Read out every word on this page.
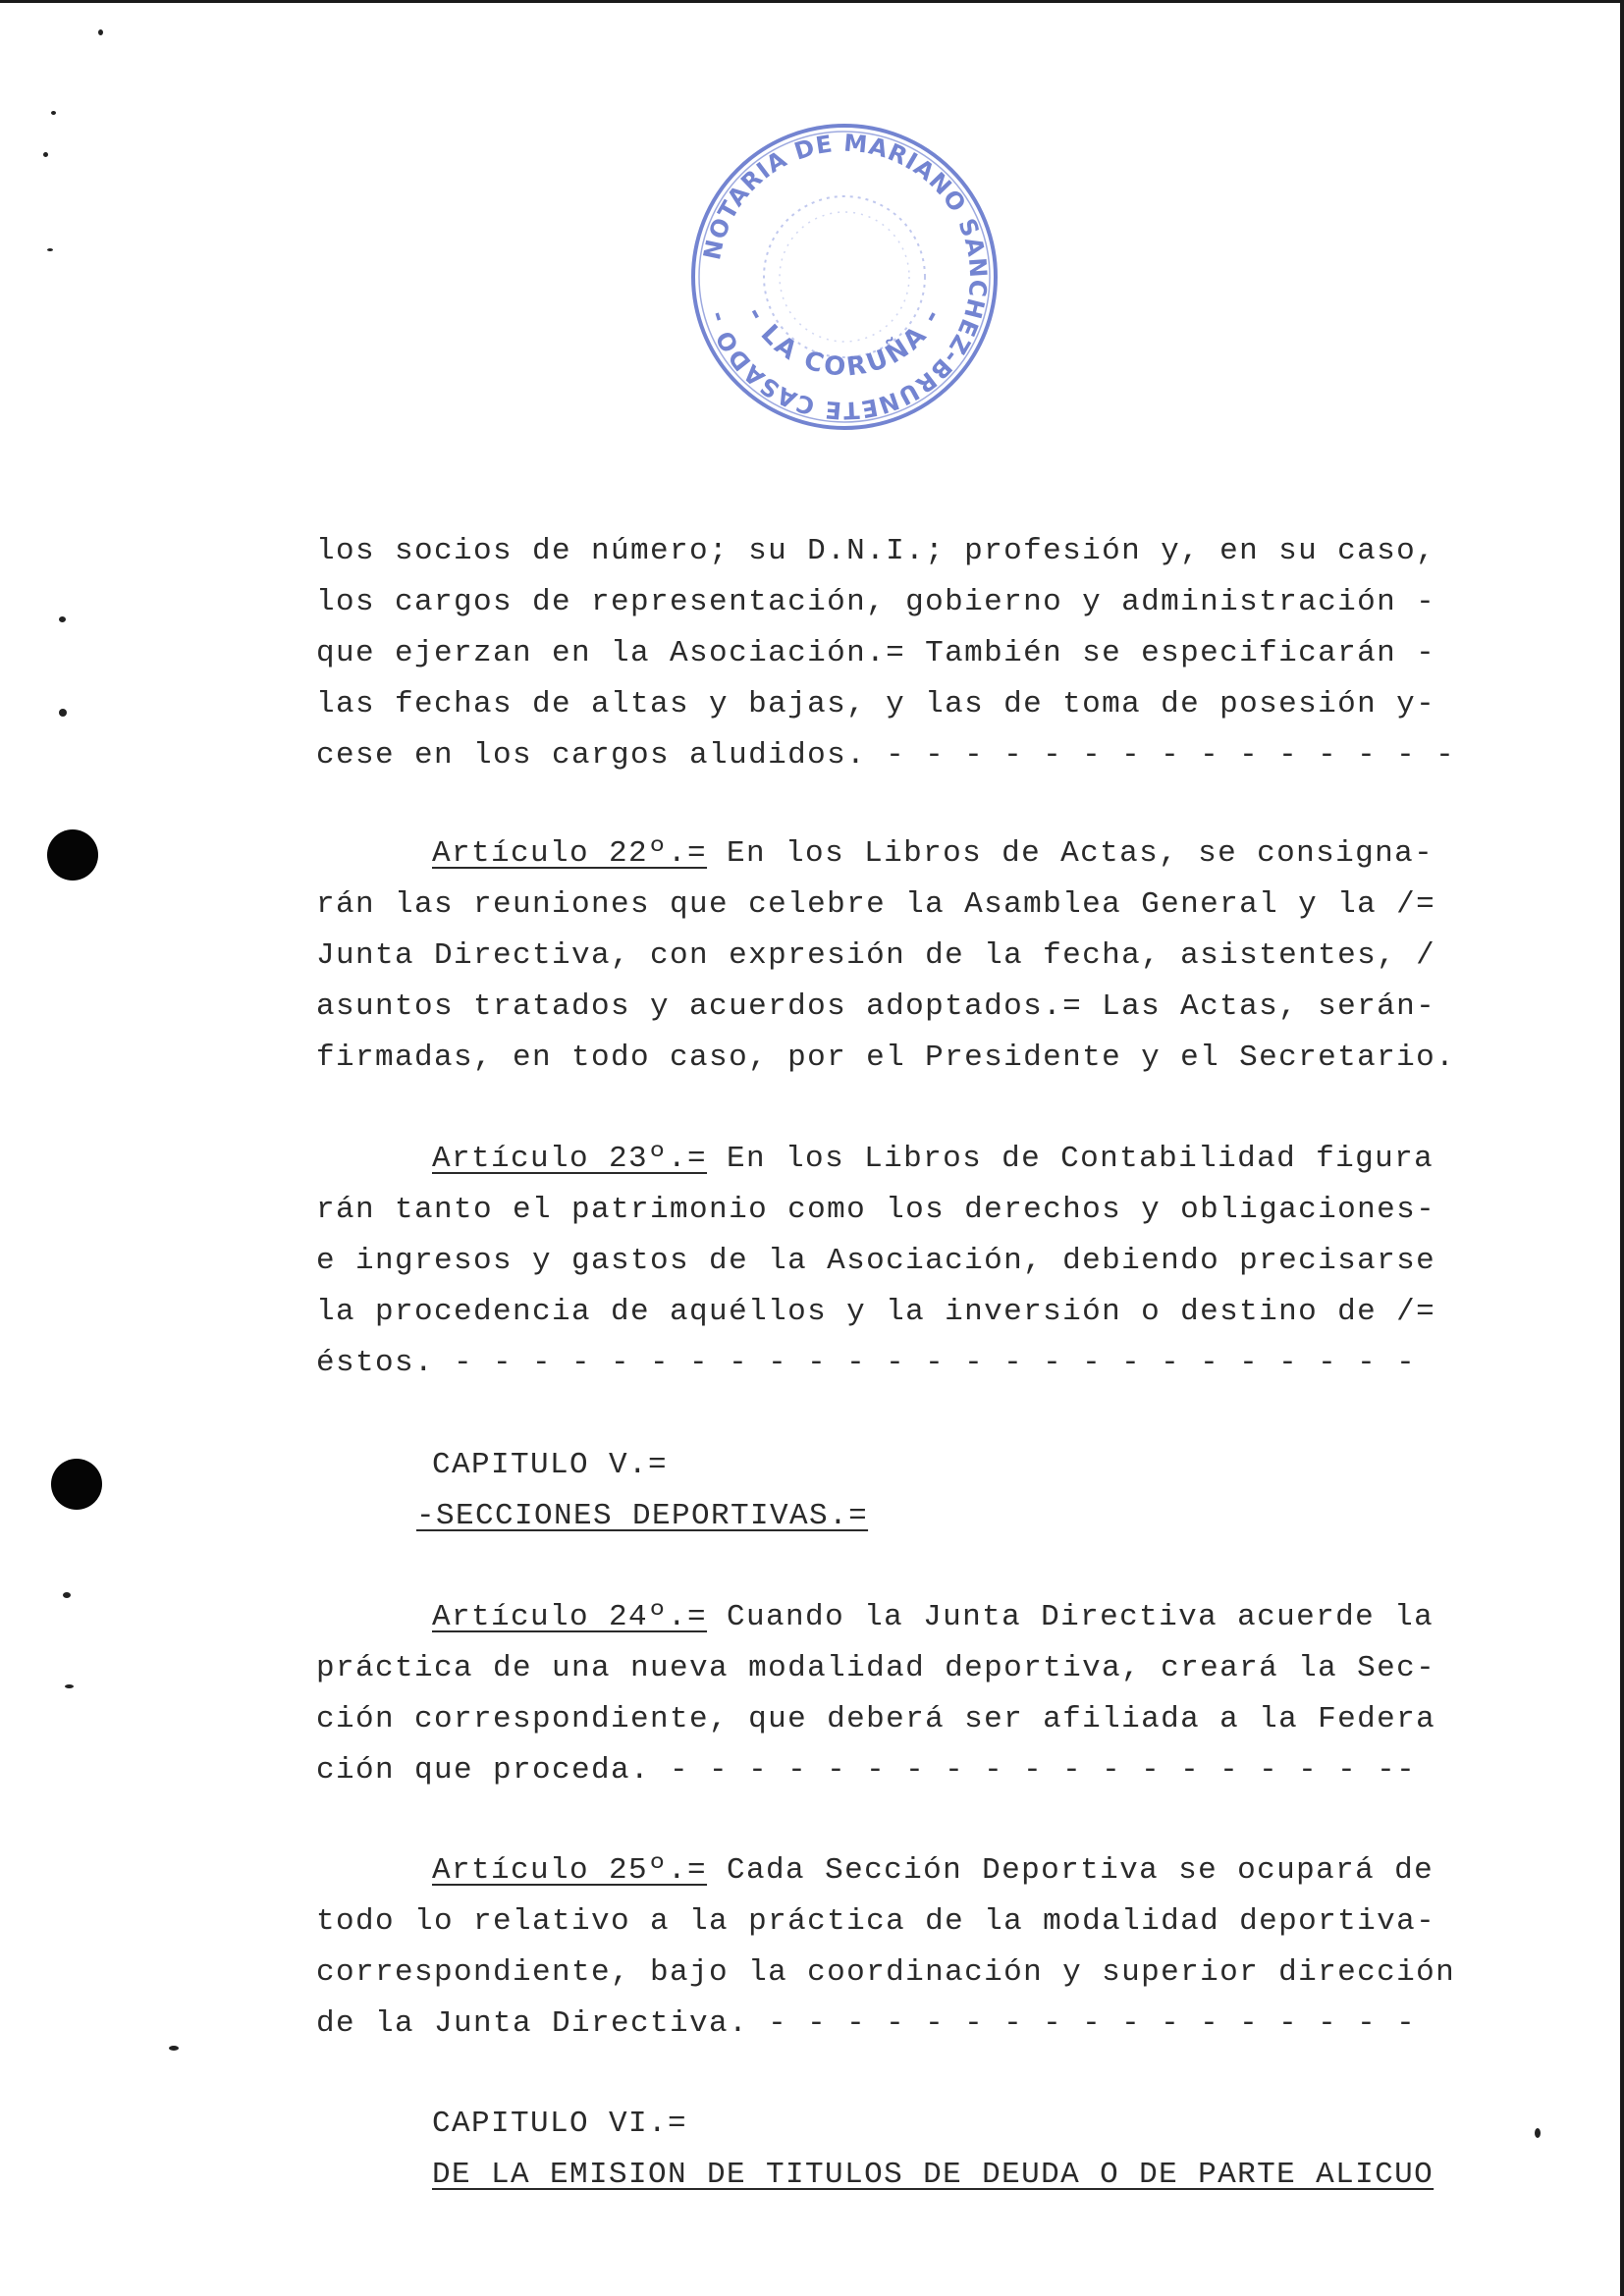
NOTARIA DE MARIANO SANCHEZ-BRUNETE CASADO - - LA CORUÑA -
los socios de número; su D.N.I.; profesión y, en su caso,
los cargos de representación, gobierno y administración -
que ejerzan en la Asociación.= También se especificarán -
las fechas de altas y bajas, y las de toma de posesión y-
cese en los cargos aludidos. - - - - - - - - - - - - - - -
Artículo 22º.= En los Libros de Actas, se consigna-
rán las reuniones que celebre la Asamblea General y la /=
Junta Directiva, con expresión de la fecha, asistentes, /
asuntos tratados y acuerdos adoptados.= Las Actas, serán-
firmadas, en todo caso, por el Presidente y el Secretario.
Artículo 23º.= En los Libros de Contabilidad figura
rán tanto el patrimonio como los derechos y obligaciones-
e ingresos y gastos de la Asociación, debiendo precisarse
la procedencia de aquéllos y la inversión o destino de /=
éstos. - - - - - - - - - - - - - - - - - - - - - - - - -
CAPITULO V.=
-SECCIONES DEPORTIVAS.=
Artículo 24º.= Cuando la Junta Directiva acuerde la
práctica de una nueva modalidad deportiva, creará la Sec-
ción correspondiente, que deberá ser afiliada a la Federa
ción que proceda. - - - - - - - - - - - - - - - - - - --
Artículo 25º.= Cada Sección Deportiva se ocupará de
todo lo relativo a la práctica de la modalidad deportiva-
correspondiente, bajo la coordinación y superior dirección
de la Junta Directiva. - - - - - - - - - - - - - - - - -
CAPITULO VI.=
DE LA EMISION DE TITULOS DE DEUDA O DE PARTE ALICUO
